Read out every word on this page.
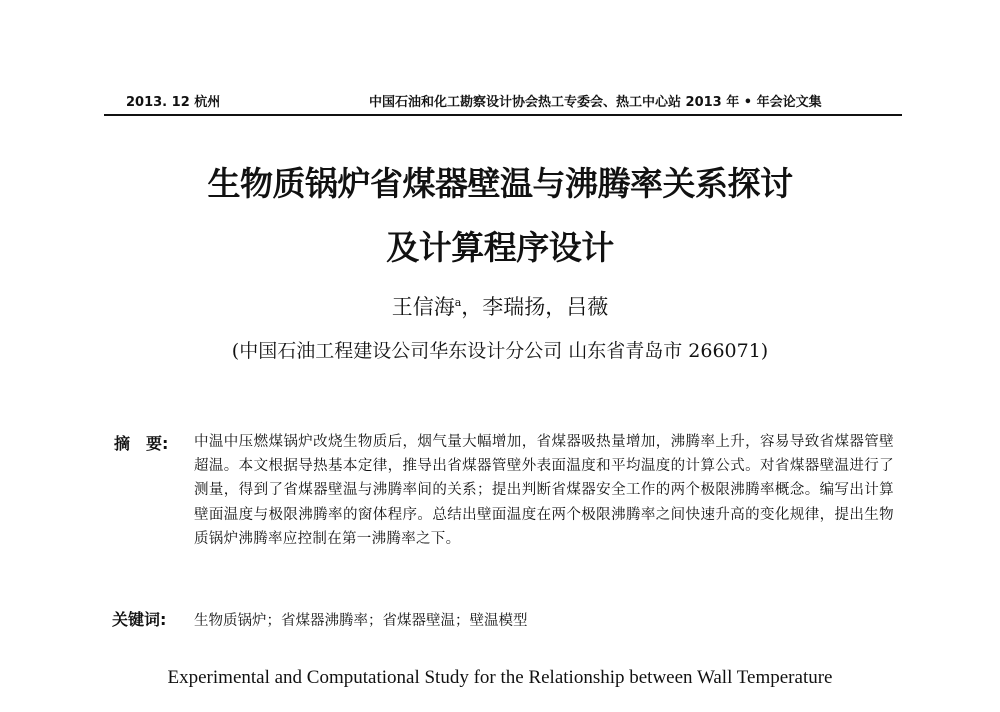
2013. 12 杭州	中国石油和化工勘察设计协会热工专委会、热工中心站 2013 年 • 年会论文集
生物质锅炉省煤器壁温与沸腾率关系探讨
及计算程序设计
王信海$^a$，李瑞扬，吕薇
(中国石油工程建设公司华东设计分公司 山东省青岛市 266071)
摘　要: 中温中压燃煤锅炉改烧生物质后，烟气量大幅增加，省煤器吸热量增加，沸腾率上升，容易导致省煤器管壁超温。本文根据导热基本定律，推导出省煤器管壁外表面温度和平均温度的计算公式。对省煤器壁温进行了测量，得到了省煤器壁温与沸腾率间的关系；提出判断省煤器安全工作的两个极限沸腾率概念。编写出计算壁面温度与极限沸腾率的窗体程序。总结出壁面温度在两个极限沸腾率之间快速升高的变化规律，提出生物质锅炉沸腾率应控制在第一沸腾率之下。
关键词: 生物质锅炉；省煤器沸腾率；省煤器壁温；壁温模型
Experimental and Computational Study for the Relationship between Wall Temperature
